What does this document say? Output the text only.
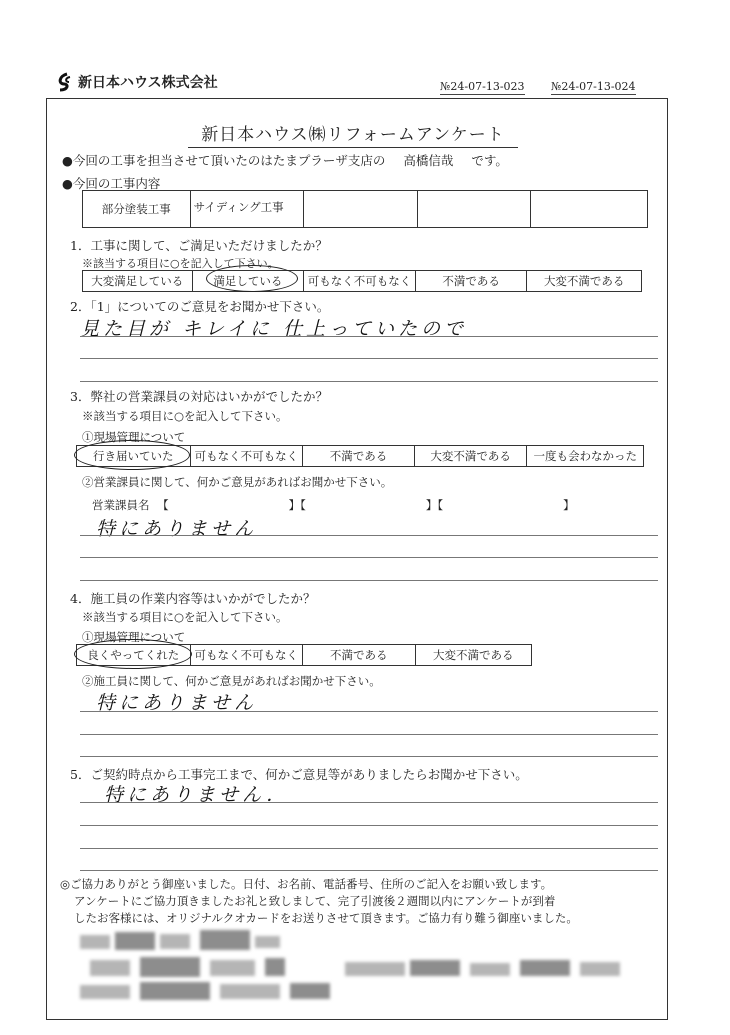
新日本ハウス株式会社	№24-07-13-023 №24-07-13-024
新日本ハウス㈱リフォームアンケート
●今回の工事を担当させて頂いたのはたまプラーザ支店の 高橋信哉 です。
●今回の工事内容
部分塗装工事	サイディング工事
1．工事に関して、ご満足いただけましたか？
※該当する項目に○を記入して下さい。
大変満足している	満足している	可もなく不可もなく	不満である	大変不満である
2．「1」についてのご意見をお聞かせ下さい。
見た目が キレイに 仕上っていたので
3．弊社の営業課員の対応はいかがでしたか？
※該当する項目に○を記入して下さい。
①現場管理について
行き届いていた	可もなく不可もなく	不満である	大変不満である	一度も会わなかった
②営業課員に関して、何かご意見があればお聞かせ下さい。
営業課員名 【	】【	】【	】
特にありません
4．施工員の作業内容等はいかがでしたか？
※該当する項目に○を記入して下さい。
①現場管理について
良くやってくれた	可もなく不可もなく	不満である	大変不満である
②施工員に関して、何かご意見があればお聞かせ下さい。
特にありません
5．ご契約時点から工事完工まで、何かご意見等がありましたらお聞かせ下さい。
特にありません．
◎ご協力ありがとう御座いました。日付、お名前、電話番号、住所のご記入をお願い致します。
アンケートにご協力頂きましたお礼と致しまして、完了引渡後２週間以内にアンケートが到着
したお客様には、オリジナルクオカードをお送りさせて頂きます。ご協力有り難う御座いました。
